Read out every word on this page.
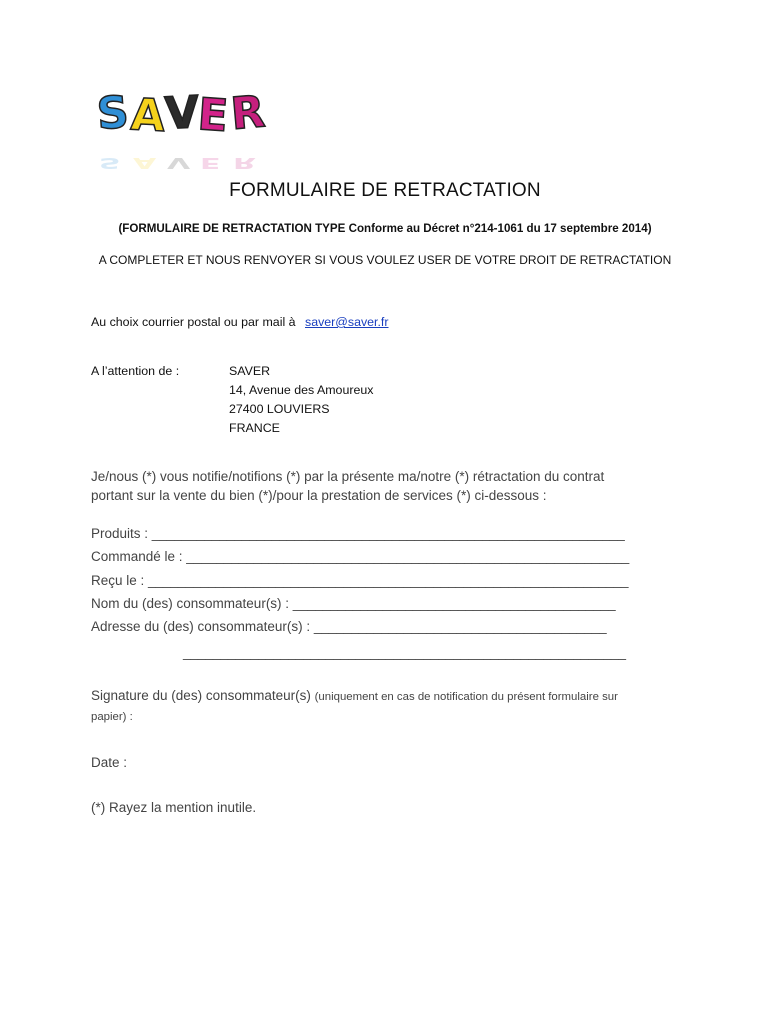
S A
V
E R
S A V E R
FORMULAIRE DE RETRACTATION
(FORMULAIRE DE RETRACTATION TYPE Conforme au Décret n°214-1061 du 17 septembre 2014)
A COMPLETER ET NOUS RENVOYER SI VOUS VOULEZ USER DE VOTRE DROIT DE RETRACTATION
Au choix courrier postal ou par mail à saver@saver.fr
A l’attention de :	SAVER
14, Avenue des Amoureux
27400 LOUVIERS
FRANCE
Je/nous (*) vous notifie/notifions (*) par la présente ma/notre (*) rétractation du contrat
portant sur la vente du bien (*)/pour la prestation de services (*) ci-dessous :
Produits : _______________________________________________________________
Commandé le : ___________________________________________________________
Reçu le : ________________________________________________________________
Nom du (des) consommateur(s) : ___________________________________________
Adresse du (des) consommateur(s) : _______________________________________
___________________________________________________________
Signature du (des) consommateur(s) (uniquement en cas de notification du présent formulaire sur
papier) :
Date :
(*) Rayez la mention inutile.
